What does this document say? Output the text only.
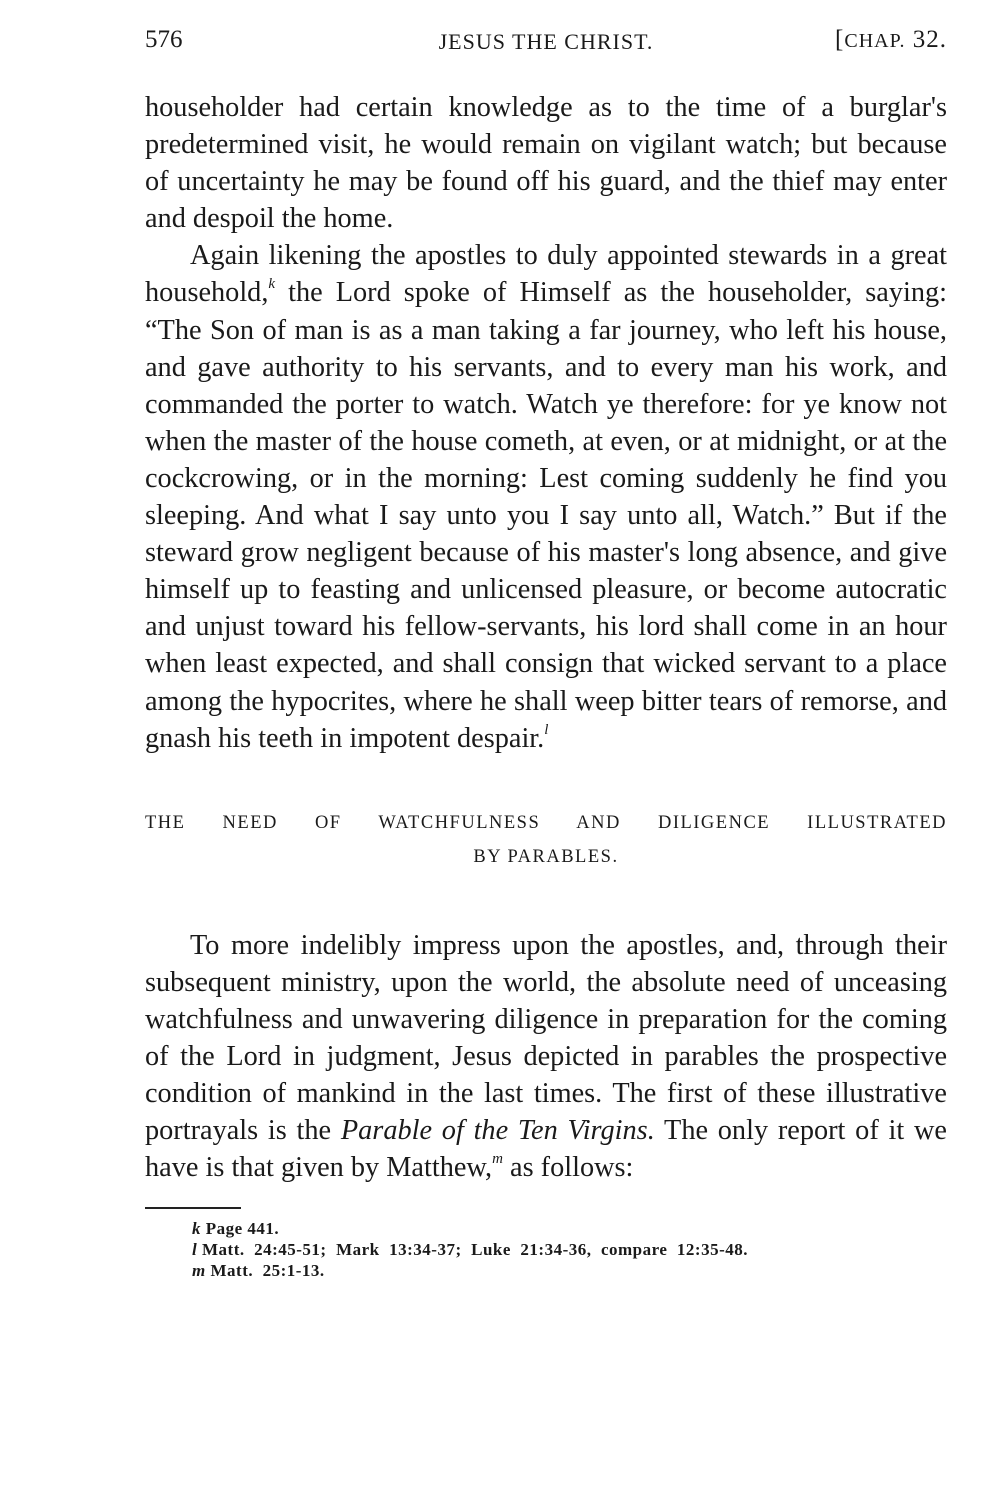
576	JESUS THE CHRIST.	[CHAP. 32.

householder had certain knowledge as to the time of a burglar's predetermined visit, he would remain on vigilant watch; but because of uncertainty he may be found off his guard, and the thief may enter and despoil the home.

Again likening the apostles to duly appointed stewards in a great household,$^k$ the Lord spoke of Himself as the householder, saying: “The Son of man is as a man taking a far journey, who left his house, and gave authority to his servants, and to every man his work, and commanded the porter to watch. Watch ye therefore: for ye know not when the master of the house cometh, at even, or at midnight, or at the cockcrowing, or in the morning: Lest coming suddenly he find you sleeping. And what I say unto you I say unto all, Watch.” But if the steward grow negligent because of his master's long absence, and give himself up to feasting and unlicensed pleasure, or become autocratic and unjust toward his fellow-servants, his lord shall come in an hour when least expected, and shall consign that wicked servant to a place among the hypocrites, where he shall weep bitter tears of remorse, and gnash his teeth in impotent despair.$^l$

THE NEED OF WATCHFULNESS AND DILIGENCE ILLUSTRATED
BY PARABLES.

To more indelibly impress upon the apostles, and, through their subsequent ministry, upon the world, the absolute need of unceasing watchfulness and unwavering diligence in preparation for the coming of the Lord in judgment, Jesus depicted in parables the prospective condition of mankind in the last times. The first of these illustrative portrayals is the Parable of the Ten Virgins. The only report of it we have is that given by Matthew,$^m$ as follows:

k Page 441.
l Matt.  24:45-51;  Mark  13:34-37;  Luke  21:34-36,  compare  12:35-48.
m Matt.  25:1-13.
